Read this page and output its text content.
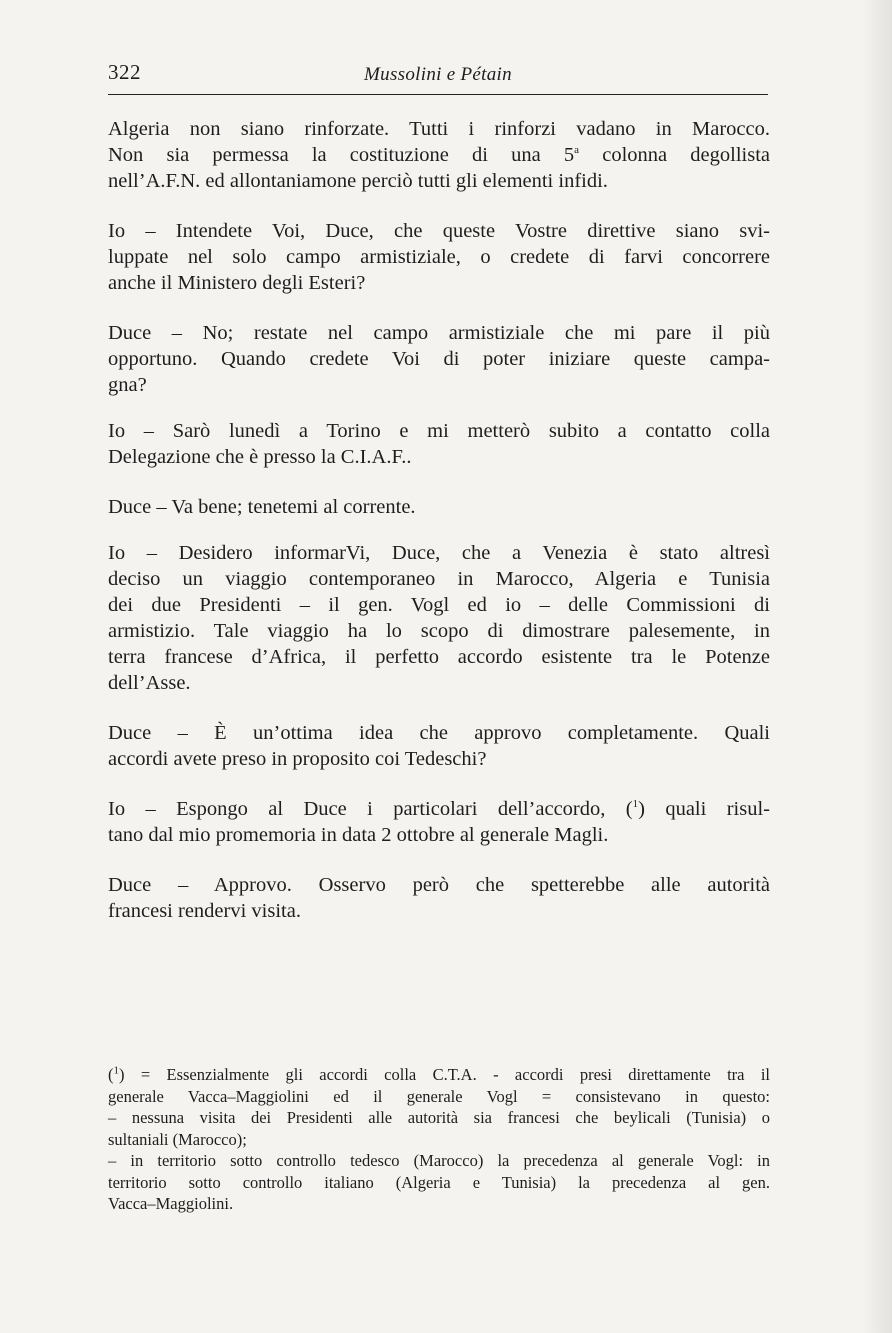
322	Mussolini e Pétain

Algeria non siano rinforzate. Tutti i rinforzi vadano in Marocco.
Non sia permessa la costituzione di una 5$^a$ colonna degollista
nell’A.F.N. ed allontaniamone perciò tutti gli elementi infidi.

Io – Intendete Voi, Duce, che queste Vostre direttive siano svi-
luppate nel solo campo armistiziale, o credete di farvi concorrere
anche il Ministero degli Esteri?

Duce – No; restate nel campo armistiziale che mi pare il più
opportuno. Quando credete Voi di poter iniziare queste campa-
gna?

Io – Sarò lunedì a Torino e mi metterò subito a contatto colla
Delegazione che è presso la C.I.A.F..

Duce – Va bene; tenetemi al corrente.

Io – Desidero informarVi, Duce, che a Venezia è stato altresì
deciso un viaggio contemporaneo in Marocco, Algeria e Tunisia
dei due Presidenti – il gen. Vogl ed io – delle Commissioni di
armistizio. Tale viaggio ha lo scopo di dimostrare palesemente, in
terra francese d’Africa, il perfetto accordo esistente tra le Potenze
dell’Asse.

Duce – È un’ottima idea che approvo completamente. Quali
accordi avete preso in proposito coi Tedeschi?

Io – Espongo al Duce i particolari dell’accordo, ($^1$) quali risul-
tano dal mio promemoria in data 2 ottobre al generale Magli.

Duce – Approvo. Osservo però che spetterebbe alle autorità
francesi rendervi visita.

($^1$) = Essenzialmente gli accordi colla C.T.A. - accordi presi direttamente tra il
generale Vacca–Maggiolini ed il generale Vogl = consistevano in questo:
– nessuna visita dei Presidenti alle autorità sia francesi che beylicali (Tunisia) o
sultaniali (Marocco);
– in territorio sotto controllo tedesco (Marocco) la precedenza al generale Vogl: in
territorio sotto controllo italiano (Algeria e Tunisia) la precedenza al gen.
Vacca–Maggiolini.
